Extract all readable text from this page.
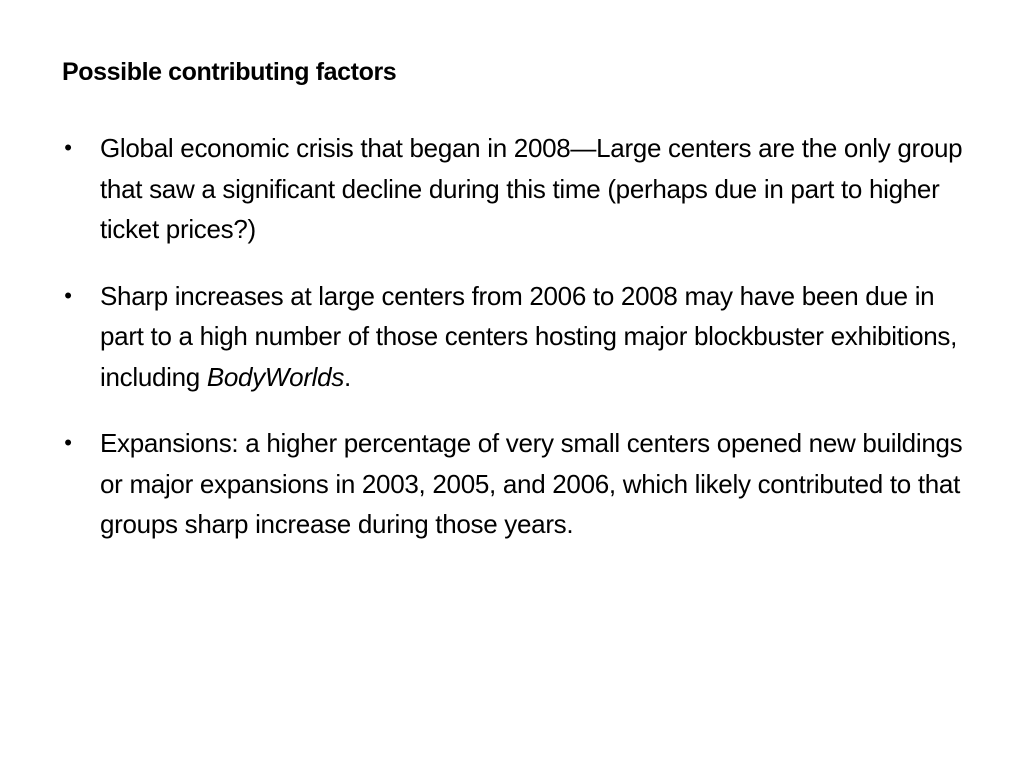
Possible contributing factors
• Global economic crisis that began in 2008—Large centers are the only group that saw a significant decline during this time (perhaps due in part to higher ticket prices?)
• Sharp increases at large centers from 2006 to 2008 may have been due in part to a high number of those centers hosting major blockbuster exhibitions, including BodyWorlds.
• Expansions: a higher percentage of very small centers opened new buildings or major expansions in 2003, 2005, and 2006, which likely contributed to that groups sharp increase during those years.
